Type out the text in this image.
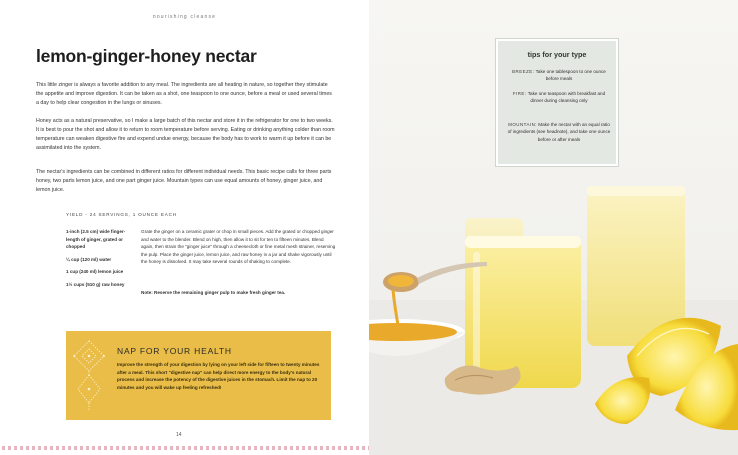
nourishing cleanse
lemon-ginger-honey nectar

This little zinger is always a favorite addition to any meal. The ingredients are all heating in nature, so together they stimulate the appetite and improve digestion. It can be taken as a shot, one teaspoon to one ounce, before a meal or used several times a day to help clear congestion in the lungs or sinuses.

Honey acts as a natural preservative, so I make a large batch of this nectar and store it in the refrigerator for one to two weeks. It is best to pour the shot and allow it to return to room temperature before serving. Eating or drinking anything colder than room temperature can weaken digestive fire and expend undue energy, because the body has to work to warm it up before it can be assimilated into the system.

The nectar's ingredients can be combined in different ratios for different individual needs. This basic recipe calls for three parts honey, two parts lemon juice, and one part ginger juice. Mountain types can use equal amounts of honey, ginger juice, and lemon juice.

YIELD - 24 SERVINGS, 1 OUNCE EACH
1-inch (2.5 cm) wide finger-length of ginger, grated or chopped
¼ cup (120 ml) water
1 cup (240 ml) lemon juice
1½ cups (510 g) raw honey

Grate the ginger on a ceramic grater or chop in small pieces. Add the grated or chopped ginger and water to the blender. Blend on high, then allow it to sit for ten to fifteen minutes. Blend again, then strain the "ginger juice" through a cheesecloth or fine metal mesh strainer, reserving the pulp. Place the ginger juice, lemon juice, and raw honey in a jar and shake vigorously until the honey is dissolved. It may take several rounds of shaking to complete.

Note: Reserve the remaining ginger pulp to make fresh ginger tea.

NAP FOR YOUR HEALTH

Improve the strength of your digestion by lying on your left side for fifteen to twenty minutes after a meal. This short "digestive nap" can help direct more energy to the body's natural process and increase the potency of the digestive juices in the stomach. Limit the nap to 20 minutes and you will wake up feeling refreshed!

14
tips for your type
BREEZE: Take one tablespoon to one ounce before meals
FIRE: Take one teaspoon with breakfast and dinner during cleansing only
MOUNTAIN: Make the nectar with an equal ratio of ingredients (see headnote), and take one ounce before or after meals
